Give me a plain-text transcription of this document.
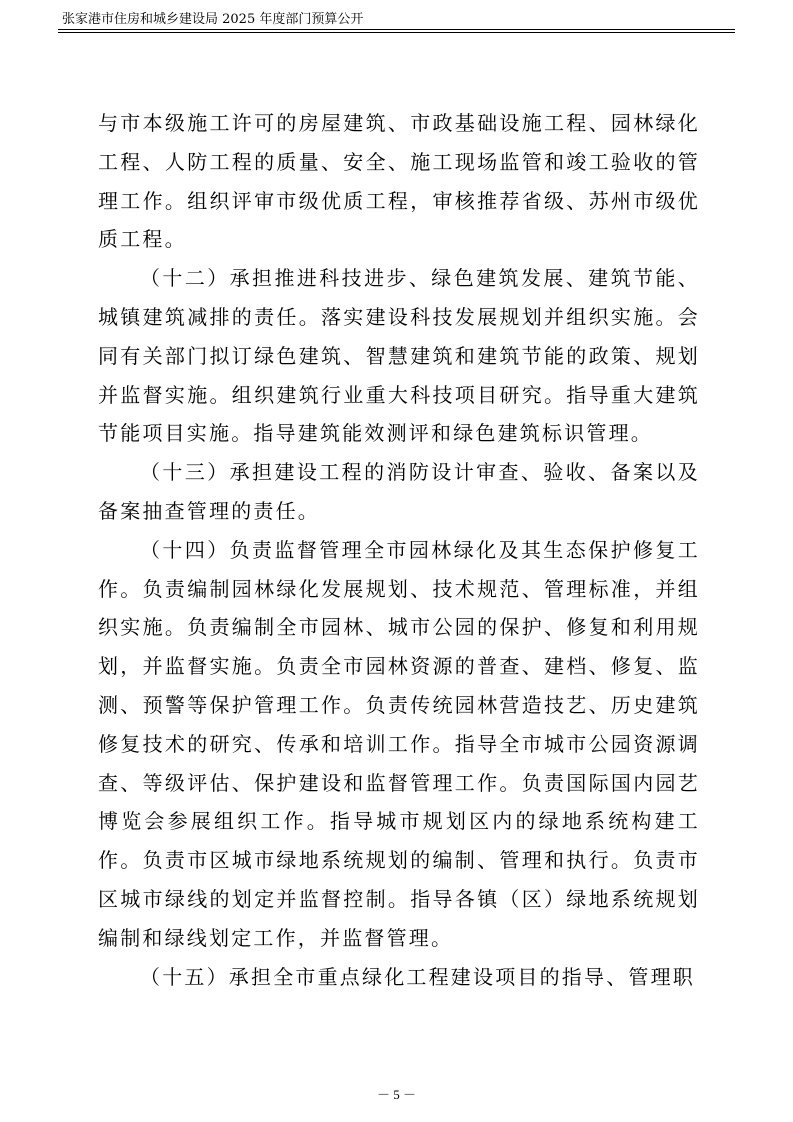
张家港市住房和城乡建设局 2025 年度部门预算公开

与市本级施工许可的房屋建筑、市政基础设施工程、园林绿化工程、人防工程的质量、安全、施工现场监管和竣工验收的管理工作。组织评审市级优质工程，审核推荐省级、苏州市级优质工程。

（十二）承担推进科技进步、绿色建筑发展、建筑节能、城镇建筑减排的责任。落实建设科技发展规划并组织实施。会同有关部门拟订绿色建筑、智慧建筑和建筑节能的政策、规划并监督实施。组织建筑行业重大科技项目研究。指导重大建筑节能项目实施。指导建筑能效测评和绿色建筑标识管理。

（十三）承担建设工程的消防设计审查、验收、备案以及备案抽查管理的责任。

（十四）负责监督管理全市园林绿化及其生态保护修复工作。负责编制园林绿化发展规划、技术规范、管理标准，并组织实施。负责编制全市园林、城市公园的保护、修复和利用规划，并监督实施。负责全市园林资源的普查、建档、修复、监测、预警等保护管理工作。负责传统园林营造技艺、历史建筑修复技术的研究、传承和培训工作。指导全市城市公园资源调查、等级评估、保护建设和监督管理工作。负责国际国内园艺博览会参展组织工作。指导城市规划区内的绿地系统构建工作。负责市区城市绿地系统规划的编制、管理和执行。负责市区城市绿线的划定并监督控制。指导各镇（区）绿地系统规划编制和绿线划定工作，并监督管理。

（十五）承担全市重点绿化工程建设项目的指导、管理职

－ 5 －
